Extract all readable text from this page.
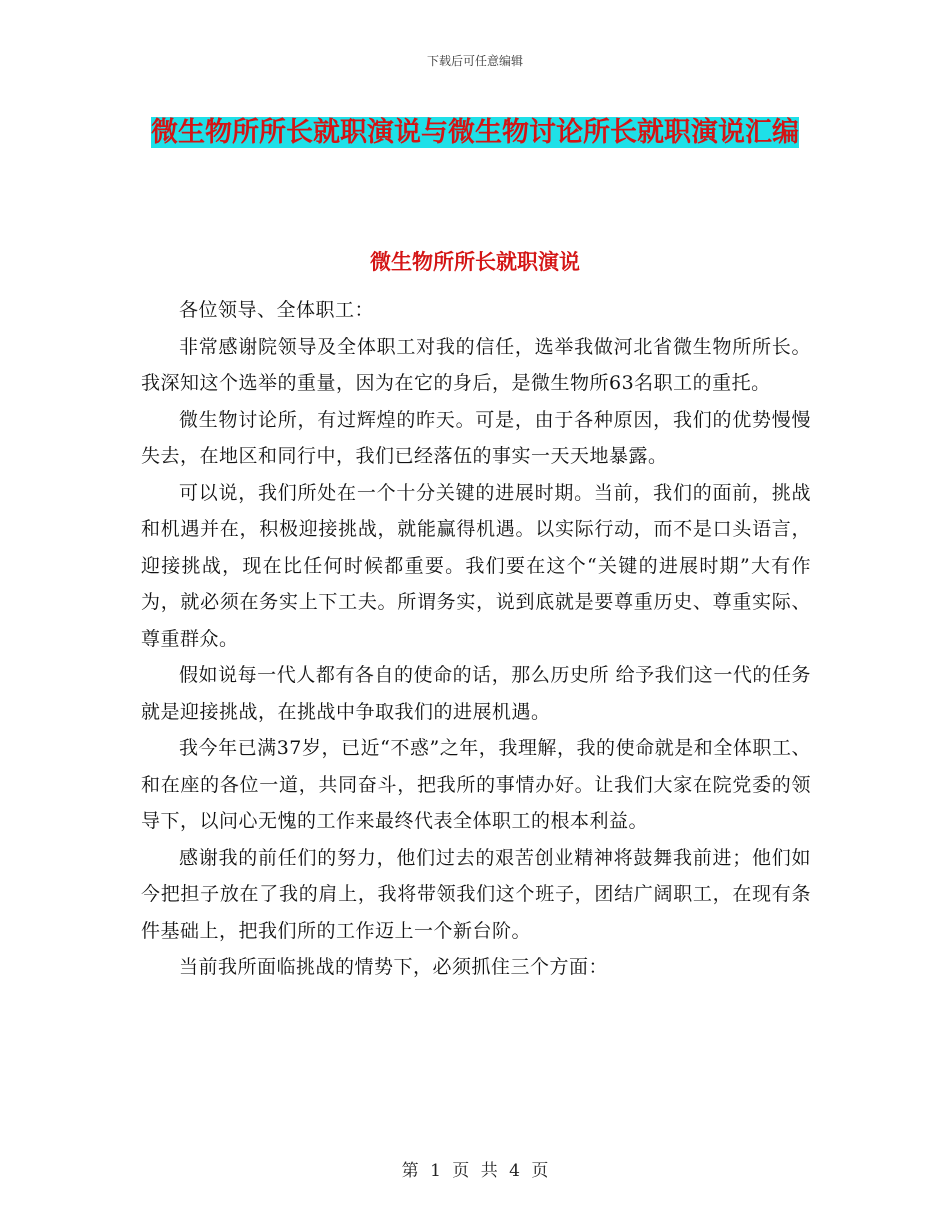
下载后可任意编辑
微生物所所长就职演说与微生物讨论所长就职演说汇编
微生物所所长就职演说

各位领导、全体职工：

非常感谢院领导及全体职工对我的信任，选举我做河北省微生物所所长。我深知这个选举的重量，因为在它的身后，是微生物所63名职工的重托。

微生物讨论所，有过辉煌的昨天。可是，由于各种原因，我们的优势慢慢失去，在地区和同行中，我们已经落伍的事实一天天地暴露。

可以说，我们所处在一个十分关键的进展时期。当前，我们的面前，挑战和机遇并在，积极迎接挑战，就能赢得机遇。以实际行动，而不是口头语言，迎接挑战，现在比任何时候都重要。我们要在这个“关键的进展时期”大有作为，就必须在务实上下工夫。所谓务实，说到底就是要尊重历史、尊重实际、尊重群众。

假如说每一代人都有各自的使命的话，那么历史所 给予我们这一代的任务就是迎接挑战，在挑战中争取我们的进展机遇。

我今年已满37岁，已近“不惑”之年，我理解，我的使命就是和全体职工、和在座的各位一道，共同奋斗，把我所的事情办好。让我们大家在院党委的领导下，以问心无愧的工作来最终代表全体职工的根本利益。

感谢我的前任们的努力，他们过去的艰苦创业精神将鼓舞我前进；他们如今把担子放在了我的肩上，我将带领我们这个班子，团结广阔职工，在现有条件基础上，把我们所的工作迈上一个新台阶。

当前我所面临挑战的情势下，必须抓住三个方面：

第 1 页 共 4 页
